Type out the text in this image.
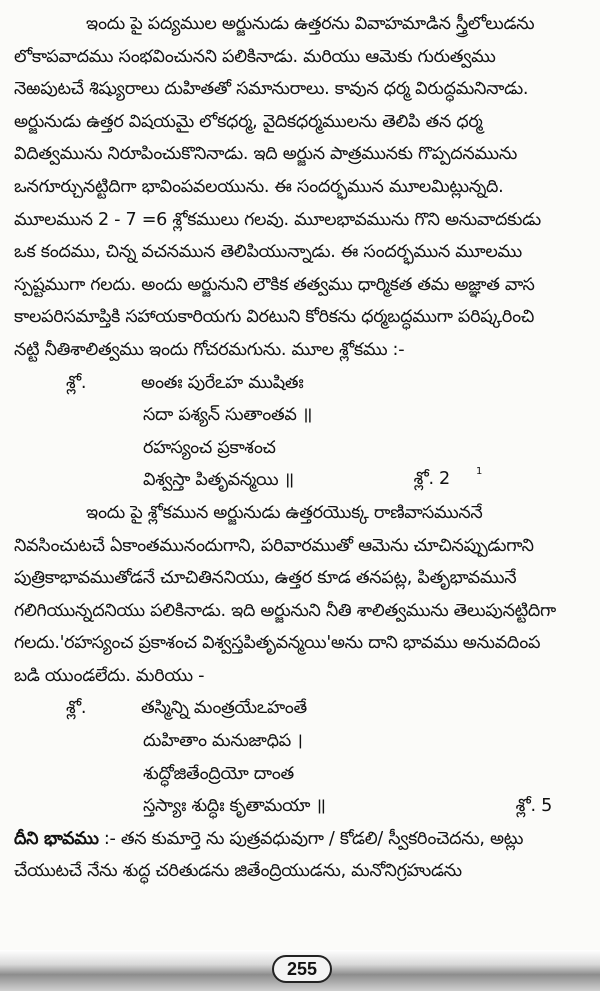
ఇందు పై పద్యముల అర్జునుడు ఉత్తరను వివాహమాడిన స్త్రీలోలుడను
లోకాపవాదము సంభవించునని పలికినాడు. మరియు ఆమెకు గురుత్వము
నెఱపుటచే శిష్యురాలు దుహితతో సమానురాలు. కావున ధర్మ విరుద్ధమనినాడు.
అర్జునుడు ఉత్తర విషయమై లోకధర్మ, వైదికధర్మములను తెలిపి తన ధర్మ
విదిత్వమును నిరూపించుకొనినాడు. ఇది అర్జున పాత్రమునకు గొప్పదనమును
ఒనగూర్చునట్టిదిగా భావింపవలయును. ఈ సందర్భమున మూలమిట్లున్నది.
మూలమున 2 - 7 =6 శ్లోకములు గలవు. మూలభావమును గొని అనువాదకుడు
ఒక కందము, చిన్న వచనమున తెలిపియున్నాడు. ఈ సందర్భమున మూలము
స్పష్టముగా గలదు. అందు అర్జునుని లౌకిక తత్వము ధార్మికత తమ అజ్ఞాత వాస
కాలపరిసమాప్తికి సహాయకారియగు విరటుని కోరికను ధర్మబద్ధముగా పరిష్కరించి
నట్టి నీతిశాలిత్వము ఇందు గోచరమగును. మూల శ్లోకము :-
శ్లో.	అంతః పురేఽహ ముషితః
సదా పశ్యన్ సుతాంతవ ॥
రహస్యంచ ప్రకాశంచ
విశ్వస్తా పితృవన్మయి ॥	శ్లో. 2	$^1$
ఇందు పై శ్లోకమున అర్జునుడు ఉత్తరయొక్క రాణివాసముననే
నివసించుటచే ఏకాంతమునందుగాని, పరివారముతో ఆమెను చూచినప్పుడుగాని
పుత్రికాభావముతోడనే చూచితిననియు, ఉత్తర కూడ తనపట్ల, పితృభావమునే
గలిగియున్నదనియు పలికినాడు. ఇది అర్జునుని నీతి శాలిత్వమును తెలుపునట్టిదిగా
గలదు.'రహస్యంచ ప్రకాశంచ విశ్వస్తపితృవన్మయి'అను దాని భావము అనువదింప
బడి యుండలేదు. మరియు -
శ్లో.	తస్మిన్ని మంత్రయేఽహంతే
దుహితాం మనుజాధిప ।
శుద్ధోజితేంద్రియో దాంత
స్తస్యాః శుద్ధిః కృతామయా ॥	శ్లో. 5
దీని భావము :- తన కుమార్తె ను పుత్రవధువుగా / కోడలి/ స్వీకరించెదను, అట్లు
చేయుటచే నేను శుద్ధ చరితుడను జితేంద్రియుడను, మనోనిగ్రహుడను
255
